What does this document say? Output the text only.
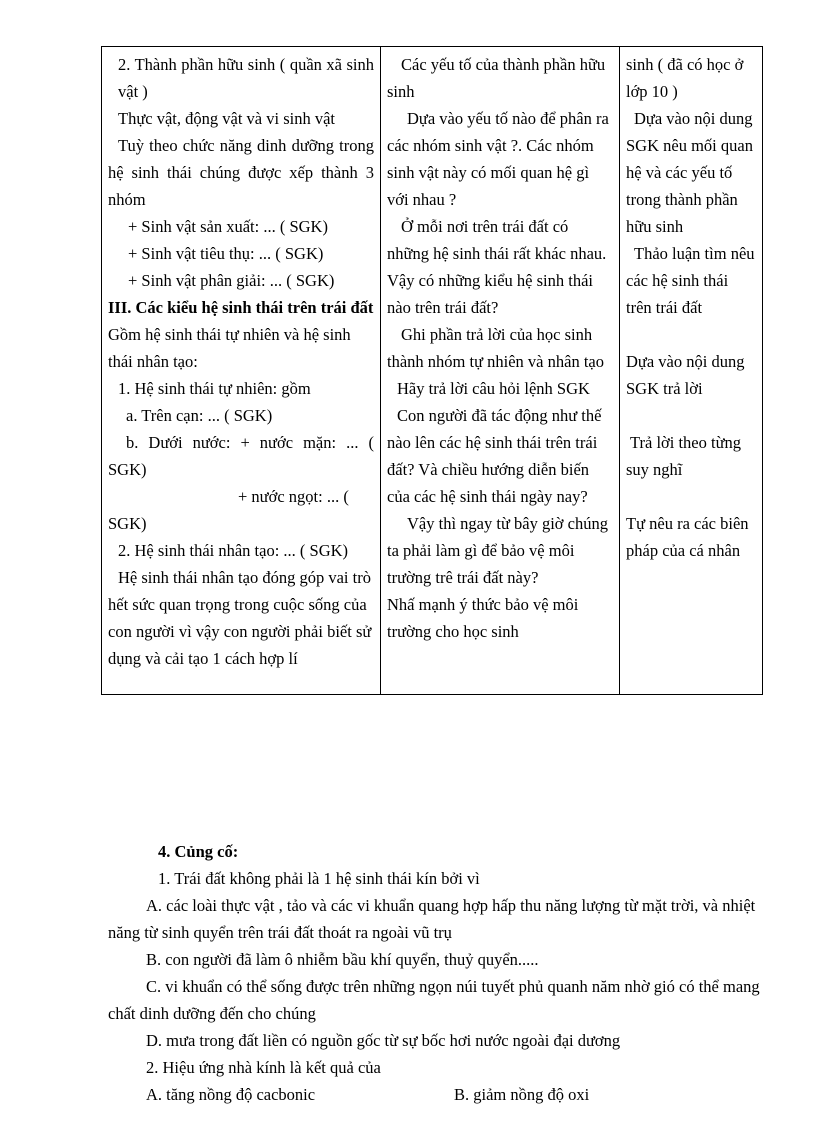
2. Thành phần hữu sinh ( quần xã sinh vật )
Thực vật, động vật và vi sinh vật
Tuỳ theo chức năng dinh dưỡng trong hệ sinh thái chúng được xếp thành 3 nhóm
+ Sinh vật sản xuất: ... ( SGK)
+ Sinh vật tiêu thụ: ... ( SGK)
+ Sinh vật phân giải: ... ( SGK)
III. Các kiểu hệ sinh thái trên trái đất
Gồm hệ sinh thái tự nhiên và hệ sinh thái nhân tạo:
1. Hệ sinh thái tự nhiên: gồm
a. Trên cạn: ... ( SGK)
b. Dưới nước: + nước mặn: ... ( SGK)
+ nước ngọt: ... ( SGK)
2. Hệ sinh thái nhân tạo: ... ( SGK)
Hệ sinh thái nhân tạo đóng góp vai trò hết sức quan trọng trong cuộc sống của con người vì vậy con người phải biết sử dụng và cải tạo 1 cách hợp lí

Các yếu tố của thành phần hữu sinh
Dựa vào yếu tố nào để phân ra các nhóm sinh vật ?. Các nhóm sinh vật này có mối quan hệ gì với nhau ?
Ở mỗi nơi trên trái đất có những hệ sinh thái rất khác nhau. Vậy có những kiểu hệ sinh thái nào trên trái đất?
Ghi phần trả lời của học sinh thành nhóm tự nhiên và nhân tạo
Hãy trả lời câu hỏi lệnh SGK
Con người đã tác động như thế nào lên các hệ sinh thái trên trái đất? Và chiều hướng diễn biến của các hệ sinh thái ngày nay?
Vậy thì ngay từ bây giờ chúng ta phải làm gì để bảo vệ môi trường trê trái đất này?
Nhấ mạnh ý thức bảo vệ môi trường cho học sinh

sinh ( đã có học ở lớp 10 )
Dựa vào nội dung SGK nêu mối quan hệ và các yếu tố trong thành phần hữu sinh
Thảo luận tìm nêu các hệ sinh thái trên trái đất
Dựa vào nội dung SGK trả lời
Trả lời theo từng suy nghĩ
Tự nêu ra các biên pháp của cá nhân
4. Củng cố:
1. Trái đất không phải là 1 hệ sinh thái kín bởi vì
A. các loài thực vật , tảo và các vi khuẩn quang hợp hấp thu năng lượng từ mặt trời, và nhiệt năng từ sinh quyển trên trái đất thoát ra ngoài vũ trụ
B. con người đã làm ô nhiễm bầu khí quyển, thuỷ quyển.....
C. vi khuẩn có thể sống được trên những ngọn núi tuyết phủ quanh năm nhờ gió có thể mang chất dinh dưỡng đến cho chúng
D. mưa trong đất liền có nguồn gốc từ sự bốc hơi nước ngoài đại dương
2. Hiệu ứng nhà kính là kết quả của
A. tăng nồng độ cacbonic	B. giảm nồng độ oxi
